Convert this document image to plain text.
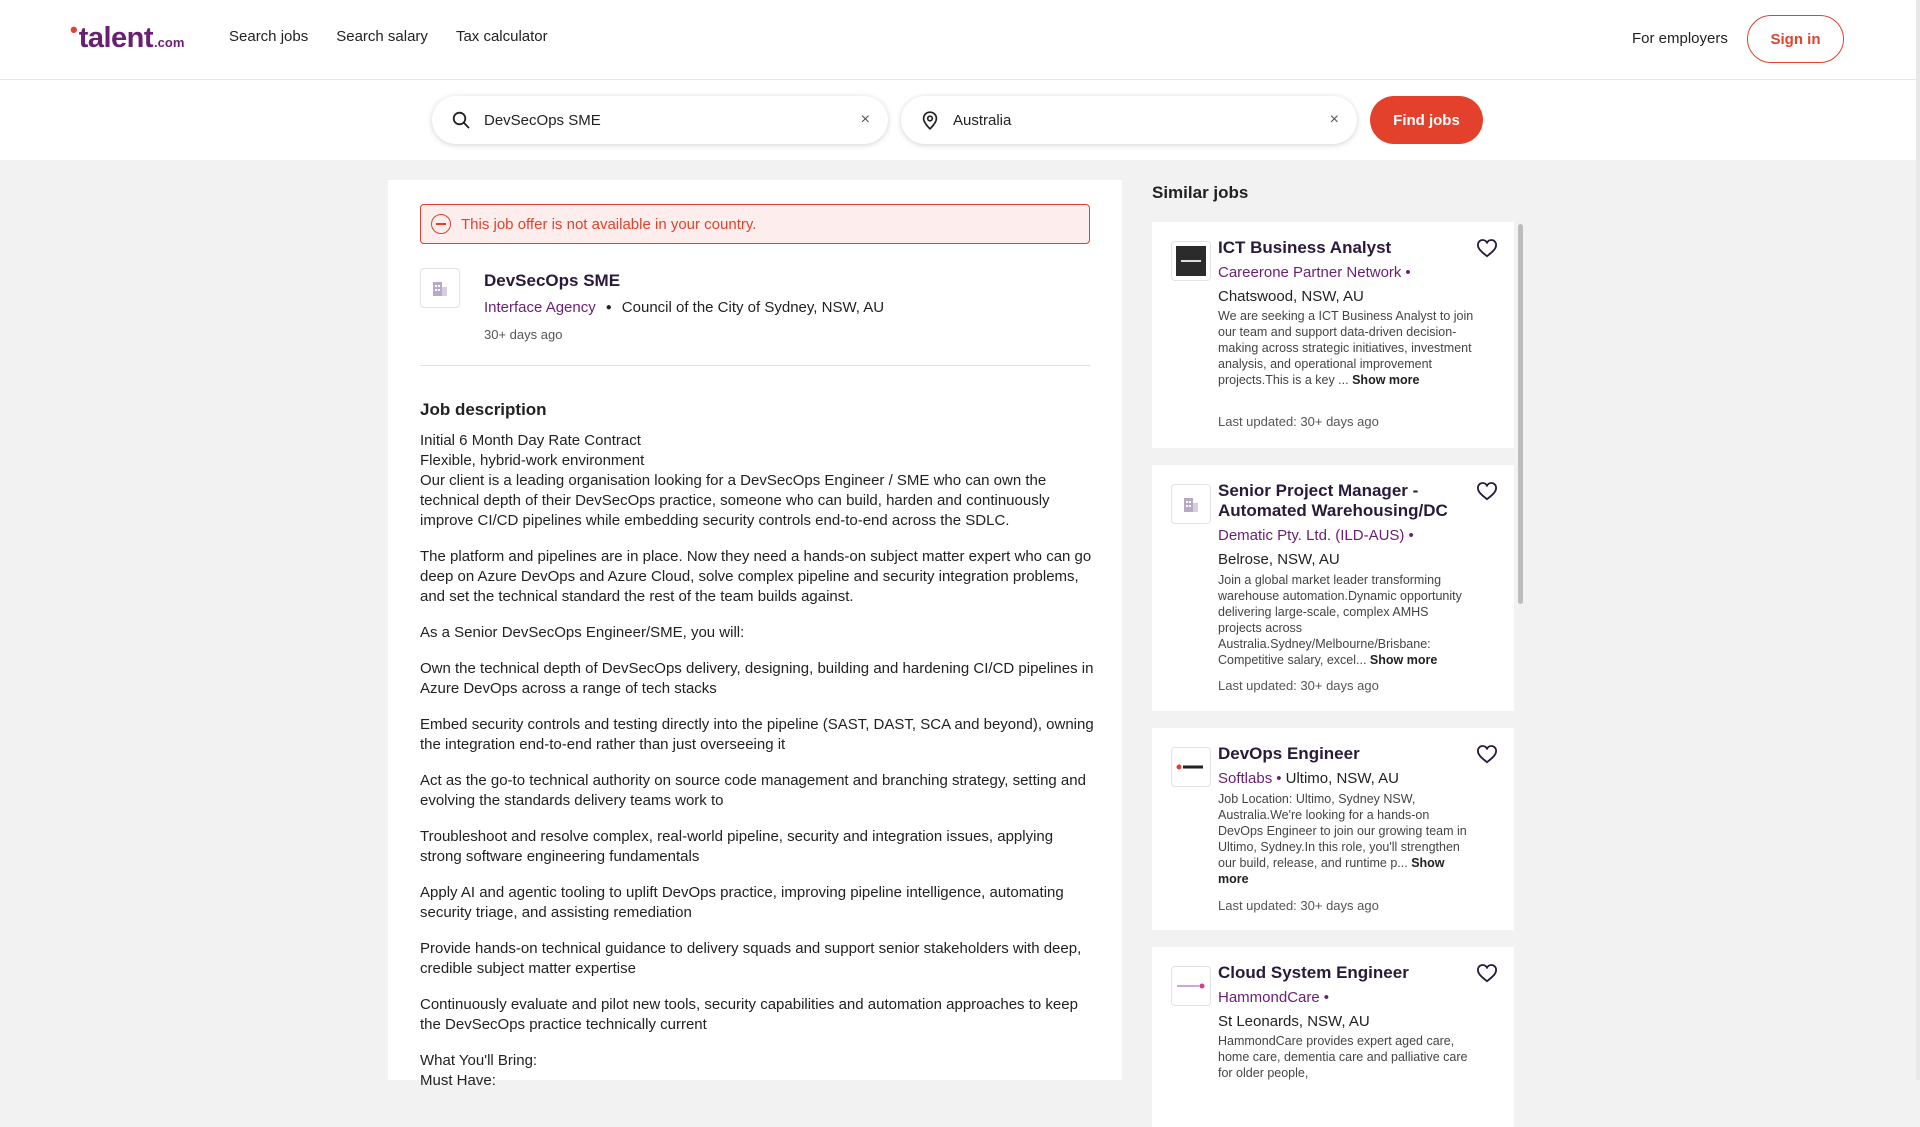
• talent .com	Search jobs Search salary Tax calculator	For employers	Sign in
DevSecOps SME	×	Australia	×	Find jobs
This job offer is not available in your country.
DevSecOps SME
Interface Agency ● Council of the City of Sydney, NSW, AU
30+ days ago
Job description

Initial 6 Month Day Rate Contract

Flexible, hybrid-work environment

Our client is a leading organisation looking for a DevSecOps Engineer / SME who can own the technical depth of their DevSecOps practice, someone who can build, harden and continuously improve CI/CD pipelines while embedding security controls end-to-end across the SDLC.

The platform and pipelines are in place. Now they need a hands-on subject matter expert who can go deep on Azure DevOps and Azure Cloud, solve complex pipeline and security integration problems, and set the technical standard the rest of the team builds against.

As a Senior DevSecOps Engineer/SME, you will:

Own the technical depth of DevSecOps delivery, designing, building and hardening CI/CD pipelines in Azure DevOps across a range of tech stacks

Embed security controls and testing directly into the pipeline (SAST, DAST, SCA and beyond), owning the integration end-to-end rather than just overseeing it

Act as the go-to technical authority on source code management and branching strategy, setting and evolving the standards delivery teams work to

Troubleshoot and resolve complex, real-world pipeline, security and integration issues, applying strong software engineering fundamentals

Apply AI and agentic tooling to uplift DevOps practice, improving pipeline intelligence, automating security triage, and assisting remediation

Provide hands-on technical guidance to delivery squads and support senior stakeholders with deep, credible subject matter expertise

Continuously evaluate and pilot new tools, security capabilities and automation approaches to keep the DevSecOps practice technically current

What You'll Bring:

Must Have:

Similar jobs
ICT Business Analyst
Careerone Partner Network •
Chatswood, NSW, AU
We are seeking a ICT Business Analyst to join our team and support data-driven decision-making across strategic initiatives, investment analysis, and operational improvement projects.This is a key ... Show more
Last updated: 30+ days ago
Senior Project Manager - Automated Warehousing/DC
Dematic Pty. Ltd. (ILD-AUS) •
Belrose, NSW, AU
Join a global market leader transforming warehouse automation.Dynamic opportunity delivering large-scale, complex AMHS projects across Australia.Sydney/Melbourne/Brisbane: Competitive salary, excel... Show more
Last updated: 30+ days ago
DevOps Engineer
Softlabs • Ultimo, NSW, AU
Job Location: Ultimo, Sydney NSW, Australia.We're looking for a hands-on DevOps Engineer to join our growing team in Ultimo, Sydney.In this role, you'll strengthen our build, release, and runtime p... Show more
Last updated: 30+ days ago
Cloud System Engineer
HammondCare •
St Leonards, NSW, AU
HammondCare provides expert aged care, home care, dementia care and palliative care for older people,
